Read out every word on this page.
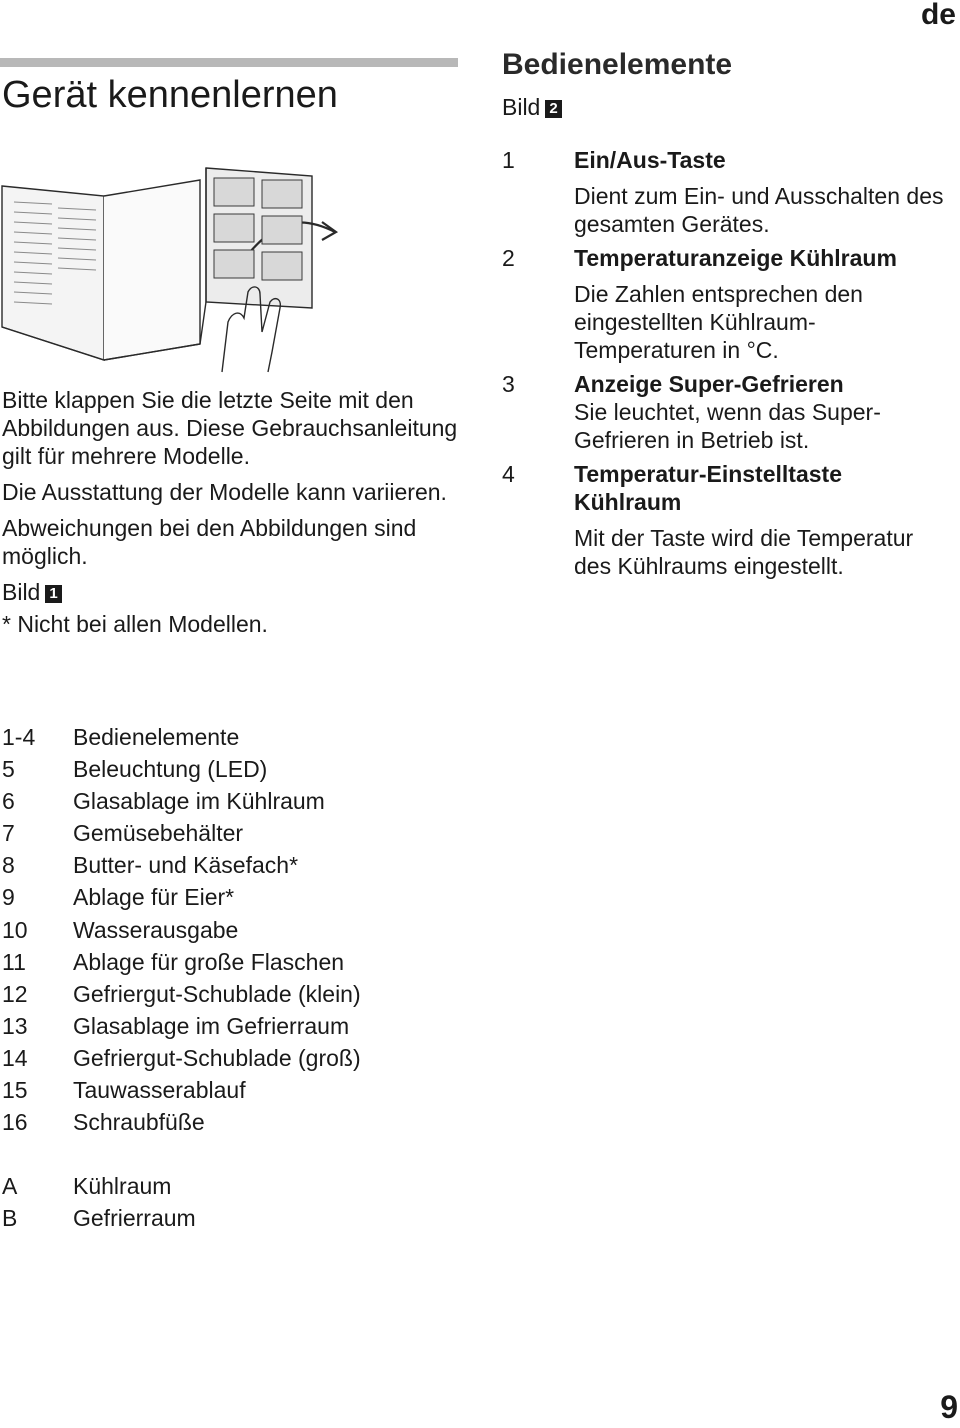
de
Gerät kennenlernen

Bitte klappen Sie die letzte Seite mit den Abbildungen aus. Diese Gebrauchsanleitung gilt für mehrere Modelle.

Die Ausstattung der Modelle kann variieren.

Abweichungen bei den Abbildungen sind möglich.

Bild 1

* Nicht bei allen Modellen.

1-4	Bedienelemente
5	Beleuchtung (LED)
6	Glasablage im Kühlraum
7	Gemüsebehälter
8	Butter- und Käsefach*
9	Ablage für Eier*
10	Wasserausgabe
11	Ablage für große Flaschen
12	Gefriergut-Schublade (klein)
13	Glasablage im Gefrierraum
14	Gefriergut-Schublade (groß)
15	Tauwasserablauf
16	Schraubfüße
A	Kühlraum
B	Gefrierraum
Bedienelemente
Bild 2
1	Ein/Aus-Taste
Dient zum Ein- und Ausschalten des gesamten Gerätes.
2	Temperaturanzeige Kühlraum
Die Zahlen entsprechen den eingestellten Kühlraum-Temperaturen in °C.
3	Anzeige Super-Gefrieren
Sie leuchtet, wenn das Super-Gefrieren in Betrieb ist.
4	Temperatur-Einstelltaste Kühlraum
Mit der Taste wird die Temperatur des Kühlraums eingestellt.
9
